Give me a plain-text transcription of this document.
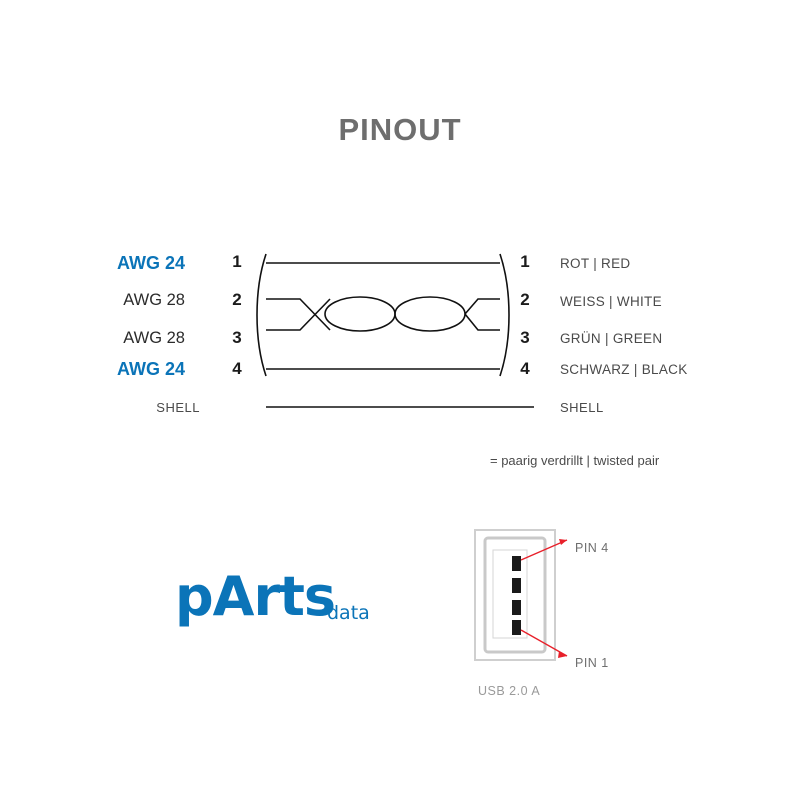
PINOUT
AWG 24
AWG 28
AWG 28
AWG 24
1
2
3
4
1
2
3
4
ROT | RED
WEISS | WHITE
GRÜN | GREEN
SCHWARZ | BLACK
SHELL	SHELL
= paarig verdrillt | twisted pair
PIN 4
PIN 1
USB 2.0 A
pArts
data
